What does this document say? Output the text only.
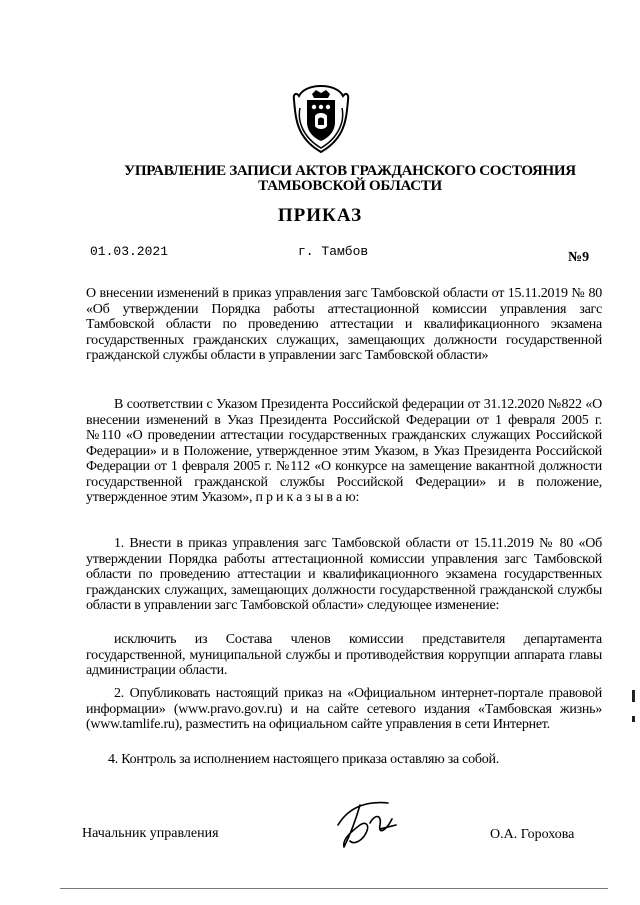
УПРАВЛЕНИЕ ЗАПИСИ АКТОВ ГРАЖДАНСКОГО СОСТОЯНИЯ
ТАМБОВСКОЙ ОБЛАСТИ
ПРИКАЗ
01.03.2021	г. Тамбов	№9
О внесении изменений в приказ управления загс Тамбовской области от 15.11.2019 № 80 «Об утверждении Порядка работы аттестационной комиссии управления загс Тамбовской области по проведению аттестации и квалификационного экзамена государственных гражданских служащих, замещающих должности государственной гражданской службы области в управлении загс Тамбовской области»
В соответствии с Указом Президента Российской федерации от 31.12.2020 №822 «О внесении изменений в Указ Президента Российской Федерации от 1 февраля 2005 г. №110 «О проведении аттестации государственных гражданских служащих Российской Федерации» и в Положение, утвержденное этим Указом, в Указ Президента Российской Федерации от 1 февраля 2005 г. №112 «О конкурсе на замещение вакантной должности государственной гражданской службы Российской Федерации» и в положение, утвержденное этим Указом», п р и к а з ы в а ю:
1. Внести в приказ управления загс Тамбовской области от 15.11.2019 № 80 «Об утверждении Порядка работы аттестационной комиссии управления загс Тамбовской области по проведению аттестации и квалификационного экзамена государственных гражданских служащих, замещающих должности государственной гражданской службы области в управлении загс Тамбовской области» следующее изменение:
исключить из Состава членов комиссии представителя департамента государственной, муниципальной службы и противодействия коррупции аппарата главы администрации области.
2. Опубликовать настоящий приказ на «Официальном интернет-портале правовой информации» (www.pravo.gov.ru) и на сайте сетевого издания «Тамбовская жизнь» (www.tamlife.ru), разместить на официальном сайте управления в сети Интернет.
4. Контроль за исполнением настоящего приказа оставляю за собой.
Начальник управления	О.А. Горохова
